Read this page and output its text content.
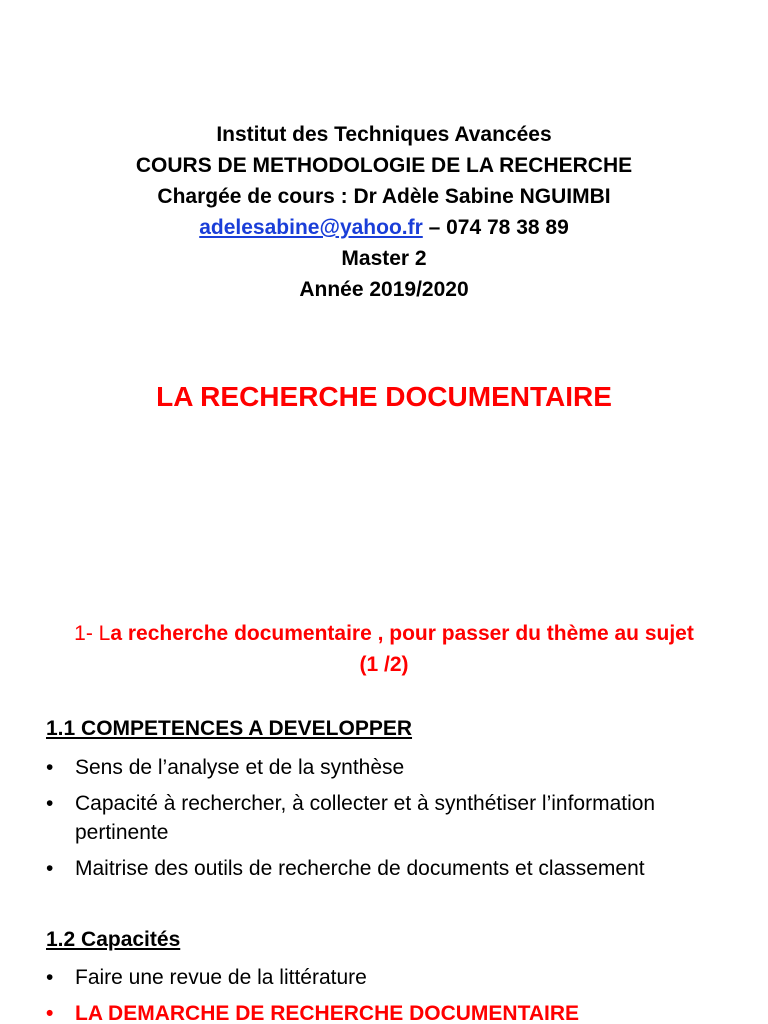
Institut des Techniques Avancées
COURS DE METHODOLOGIE DE LA RECHERCHE
Chargée de cours : Dr Adèle Sabine NGUIMBI
adelesabine@yahoo.fr – 074 78 38 89
Master 2
Année 2019/2020
LA RECHERCHE DOCUMENTAIRE
1- La recherche documentaire , pour passer du thème au sujet
(1 /2)
1.1 COMPETENCES A DEVELOPPER
• Sens de l’analyse et de la synthèse
• Capacité à rechercher, à collecter et à synthétiser l’information pertinente
• Maitrise des outils de recherche de documents et classement
1.2 Capacités
• Faire une revue de la littérature
• LA DEMARCHE DE RECHERCHE DOCUMENTAIRE
